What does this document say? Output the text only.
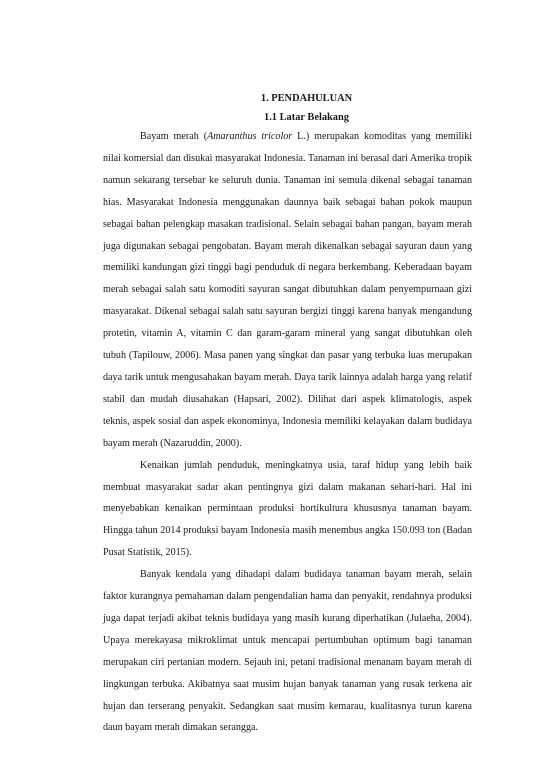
1. PENDAHULUAN
1.1 Latar Belakang

Bayam merah (Amaranthus tricolor L.) merupakan komoditas yang memiliki nilai komersial dan disukai masyarakat Indonesia. Tanaman ini berasal dari Amerika tropik namun sekarang tersebar ke seluruh dunia. Tanaman ini semula dikenal sebagai tanaman hias. Masyarakat Indonesia menggunakan daunnya baik sebagai bahan pokok maupun sebagai bahan pelengkap masakan tradisional. Selain sebagai bahan pangan, bayam merah juga digunakan sebagai pengobatan. Bayam merah dikenalkan sebagai sayuran daun yang memiliki kandungan gizi tinggi bagi penduduk di negara berkembang. Keberadaan bayam merah sebagai salah satu komoditi sayuran sangat dibutuhkan dalam penyempurnaan gizi masyarakat. Dikenal sebagai salah satu sayuran bergizi tinggi karena banyak mengandung protetin, vitamin A, vitamin C dan garam-garam mineral yang sangat dibutuhkan oleh tubuh (Tapilouw, 2006). Masa panen yang singkat dan pasar yang terbuka luas merupakan daya tarik untuk mengusahakan bayam merah. Daya tarik lainnya adalah harga yang relatif stabil dan mudah diusahakan (Hapsari, 2002). Dilihat dari aspek klimatologis, aspek teknis, aspek sosial dan aspek ekonominya, Indonesia memiliki kelayakan dalam budidaya bayam merah (Nazaruddin, 2000).

Kenaikan jumlah penduduk, meningkatnya usia, taraf hidup yang lebih baik membuat masyarakat sadar akan pentingnya gizi dalam makanan sehari-hari. Hal ini menyebabkan kenaikan permintaan produksi hortikultura khususnya tanaman bayam. Hingga tahun 2014 produksi bayam Indonesia masih menembus angka 150.093 ton (Badan Pusat Statistik, 2015).

Banyak kendala yang dihadapi dalam budidaya tanaman bayam merah, selain faktor kurangnya pemahaman dalam pengendalian hama dan penyakit, rendahnya produksi juga dapat terjadi akibat teknis budidaya yang masih kurang diperhatikan (Julaeha, 2004). Upaya merekayasa mikroklimat untuk mencapai pertumbuhan optimum bagi tanaman merupakan ciri pertanian modern. Sejauh ini, petani tradisional menanam bayam merah di lingkungan terbuka. Akibatnya saat musim hujan banyak tanaman yang rusak terkena air hujan dan terserang penyakit. Sedangkan saat musim kemarau, kualitasnya turun karena daun bayam merah dimakan serangga.
